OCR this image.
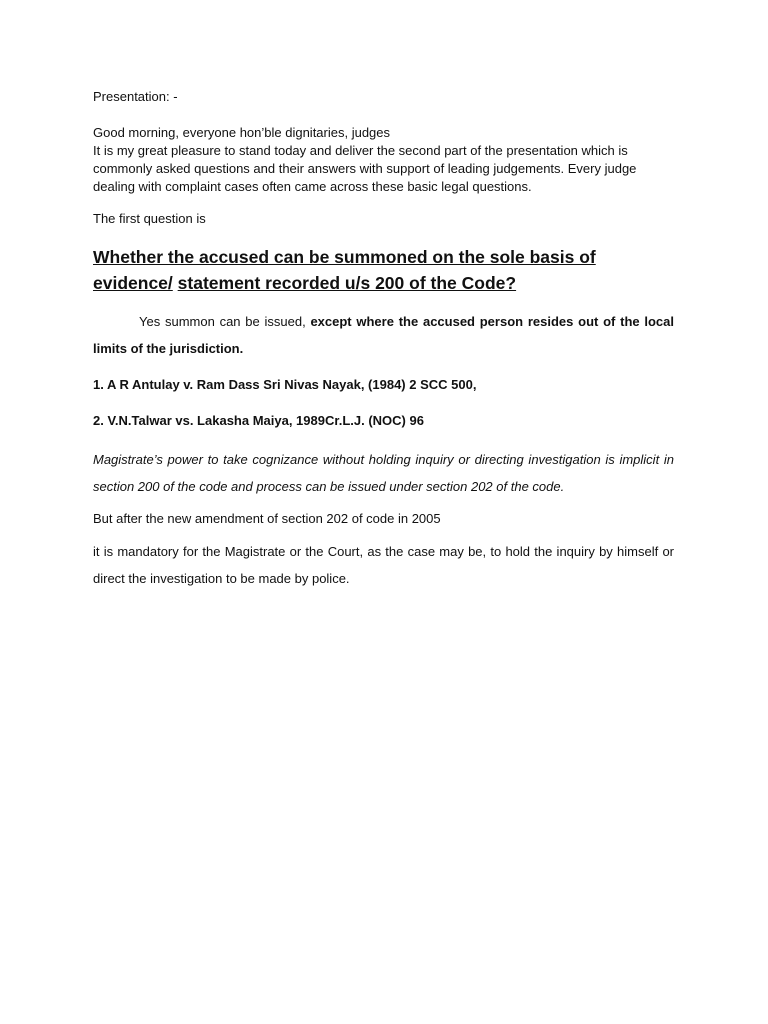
Presentation: -

Good morning, everyone hon’ble dignitaries, judges

It is my great pleasure to stand today and deliver the second part of the presentation which is commonly asked questions and their answers with support of leading judgements. Every judge dealing with complaint cases often came across these basic legal questions.

The first question is

Whether the accused can be summoned on the sole basis of
evidence/ statement recorded u/s 200 of the Code?

Yes summon can be issued, except where the accused person resides out of the local limits of the jurisdiction.

1. A R Antulay v. Ram Dass Sri Nivas Nayak, (1984) 2 SCC 500,

2. V.N.Talwar vs. Lakasha Maiya, 1989Cr.L.J. (NOC) 96

Magistrate’s power to take cognizance without holding inquiry or directing investigation is implicit in section 200 of the code and process can be issued under section 202 of the code.

But after the new amendment of section 202 of code in 2005

it is mandatory for the Magistrate or the Court, as the case may be, to hold the inquiry by himself or direct the investigation to be made by police.
